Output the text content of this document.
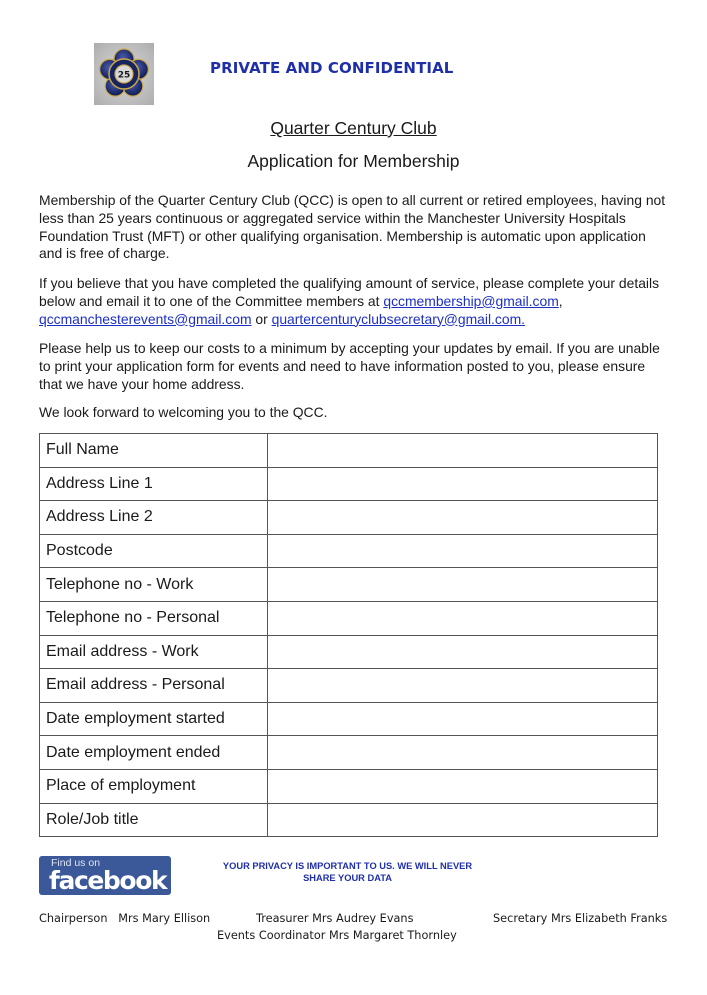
25	PRIVATE AND CONFIDENTIAL
Quarter Century Club
Application for Membership

Membership of the Quarter Century Club (QCC) is open to all current or retired employees, having not less than 25 years continuous or aggregated service within the Manchester University Hospitals Foundation Trust (MFT) or other qualifying organisation. Membership is automatic upon application and is free of charge.

If you believe that you have completed the qualifying amount of service, please complete your details below and email it to one of the Committee members at qccmembership@gmail.com,
qccmanchesterevents@gmail.com or quartercenturyclubsecretary@gmail.com.

Please help us to keep our costs to a minimum by accepting your updates by email. If you are unable to print your application form for events and need to have information posted to you, please ensure that we have your home address.

We look forward to welcoming you to the QCC.

Full Name	
Address Line 1	
Address Line 2	
Postcode	
Telephone no - Work	
Telephone no - Personal	
Email address - Work	
Email address - Personal	
Date employment started	
Date employment ended	
Place of employment	
Role/Job title	
Find us on
facebook	YOUR PRIVACY IS IMPORTANT TO US. WE WILL NEVER
SHARE YOUR DATA
Chairperson   Mrs Mary Ellison	Treasurer Mrs Audrey Evans	Secretary Mrs Elizabeth Franks
Events Coordinator Mrs Margaret Thornley
